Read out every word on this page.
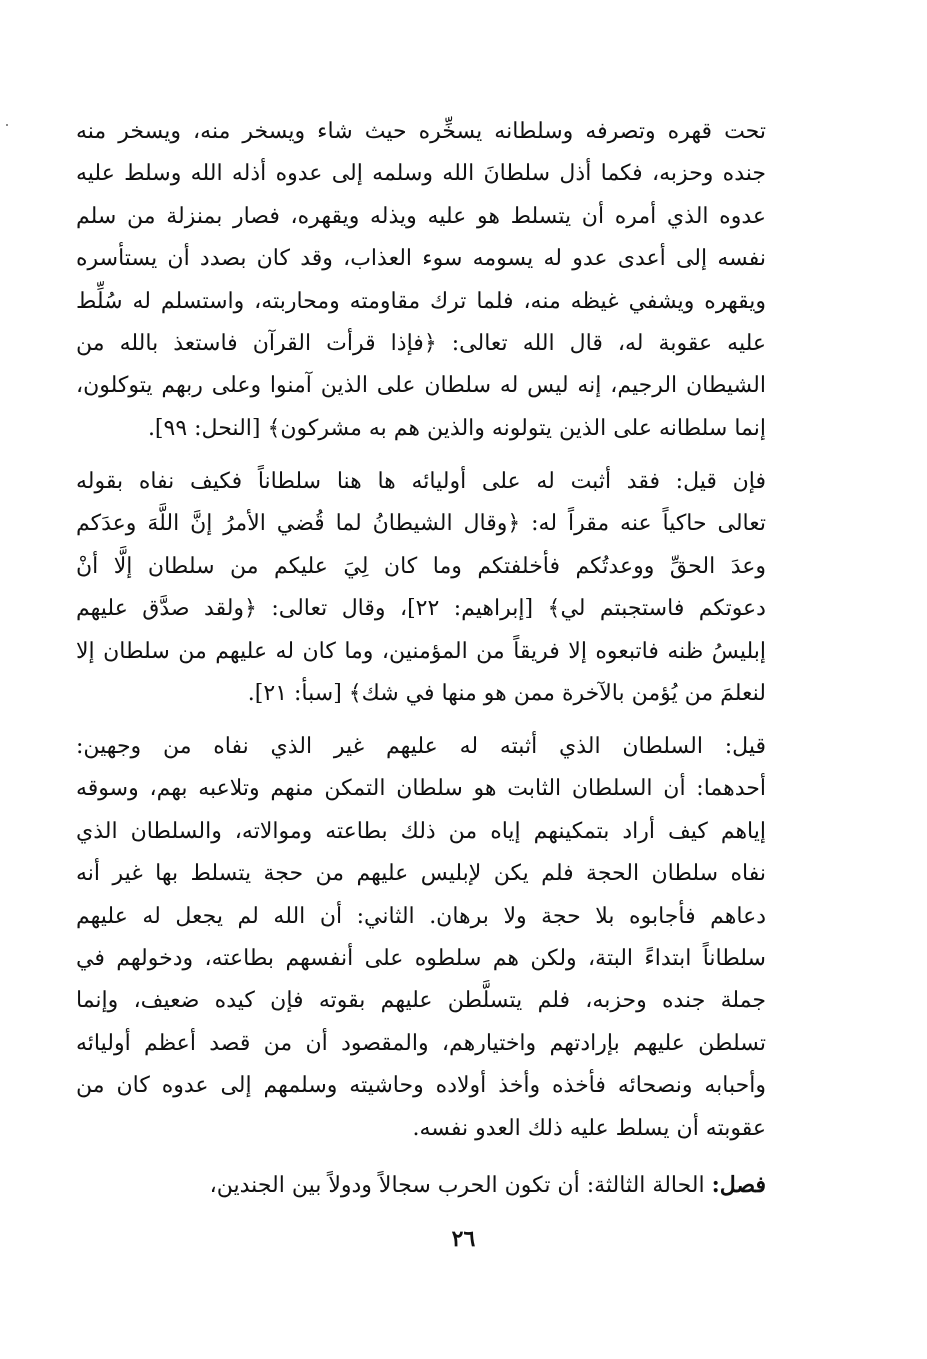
تحت قهره وتصرفه وسلطانه يسخِّره حيث شاء ويسخر منه، ويسخر منه
جنده وحزبه، فكما أذل سلطانَ الله وسلمه إلى عدوه أذله الله وسلط عليه
عدوه الذي أمره أن يتسلط هو عليه ويذله ويقهره، فصار بمنزلة من سلم
نفسه إلى أعدى عدو له يسومه سوء العذاب، وقد كان بصدد أن يستأسره
ويقهره ويشفي غيظه منه، فلما ترك مقاومته ومحاربته، واستسلم له سُلِّط
عليه عقوبة له، قال الله تعالى: ﴿فإذا قرأت القرآن فاستعذ بالله من
الشيطان الرجيم، إنه ليس له سلطان على الذين آمنوا وعلى ربهم يتوكلون،
إنما سلطانه على الذين يتولونه والذين هم به مشركون﴾ [النحل: ٩٩].

فإن قيل: فقد أثبت له على أوليائه ها هنا سلطاناً فكيف نفاه بقوله
تعالى حاكياً عنه مقراً له: ﴿وقال الشيطانُ لما قُضي الأمرُ إنَّ اللَّهَ وعدَكم
وعدَ الحقِّ ووعدتُكم فأخلفتكم وما كان لِيَ عليكم من سلطان إلَّا أنْ
دعوتكم فاستجبتم لي﴾ [إبراهيم: ٢٢]، وقال تعالى: ﴿ولقد صدَّق عليهم
إبليسُ ظنه فاتبعوه إلا فريقاً من المؤمنين، وما كان له عليهم من سلطان إلا
لنعلمَ من يُؤمن بالآخرة ممن هو منها في شك﴾ [سبأ: ٢١].

قيل: السلطان الذي أثبته له عليهم غير الذي نفاه من وجهين:
أحدهما: أن السلطان الثابت هو سلطان التمكن منهم وتلاعبه بهم، وسوقه
إياهم كيف أراد بتمكينهم إياه من ذلك بطاعته وموالاته، والسلطان الذي
نفاه سلطان الحجة فلم يكن لإبليس عليهم من حجة يتسلط بها غير أنه
دعاهم فأجابوه بلا حجة ولا برهان. الثاني: أن الله لم يجعل له عليهم
سلطاناً ابتداءً البتة، ولكن هم سلطوه على أنفسهم بطاعته، ودخولهم في
جملة جنده وحزبه، فلم يتسلَّطن عليهم بقوته فإن كيده ضعيف، وإنما
تسلطن عليهم بإرادتهم واختيارهم، والمقصود أن من قصد أعظم أوليائه
وأحبابه ونصحائه فأخذه وأخذ أولاده وحاشيته وسلمهم إلى عدوه كان من
عقوبته أن يسلط عليه ذلك العدو نفسه.

فصل: الحالة الثالثة: أن تكون الحرب سجالاً ودولاً بين الجندين،

٢٦
